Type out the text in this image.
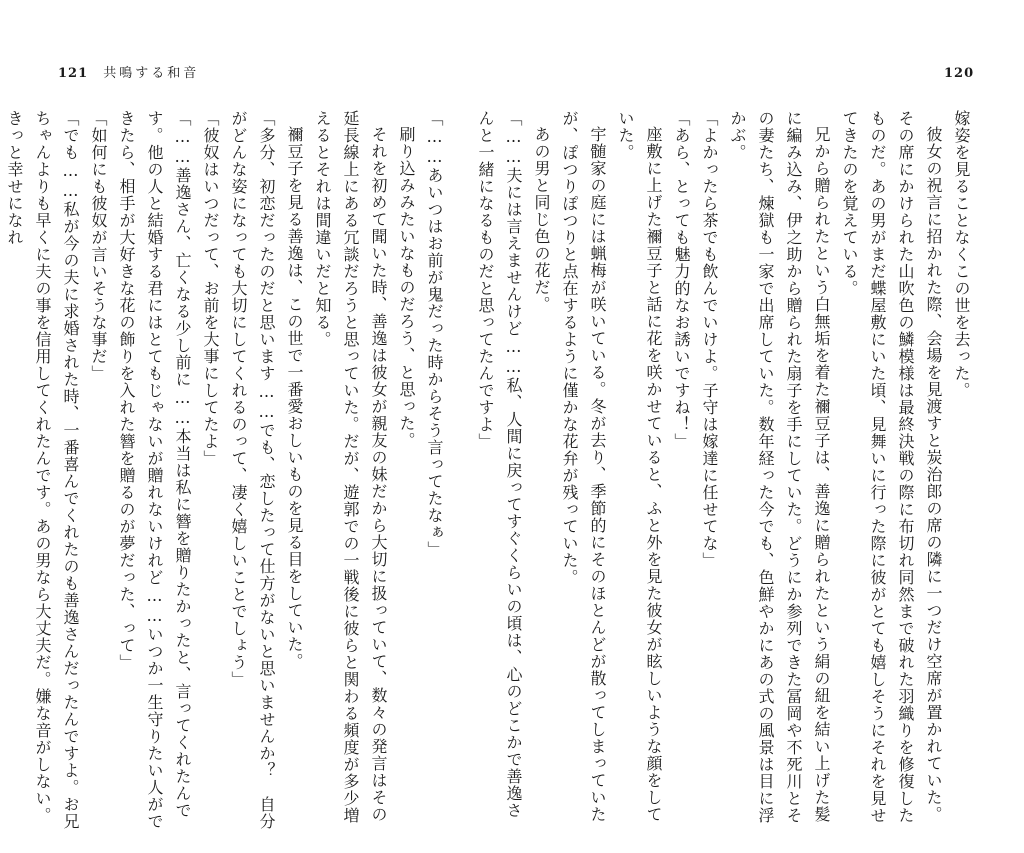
121 共鳴する和音	120

嫁姿を見ることなくこの世を去った。

彼女の祝言に招かれた際、会場を見渡すと炭治郎の席の隣に一つだけ空席が置かれていた。その席にかけられた山吹色の鱗模様は最終決戦の際に布切れ同然まで破れた羽織りを修復したものだ。あの男がまだ蝶屋敷にいた頃、見舞いに行った際に彼がとても嬉しそうにそれを見せてきたのを覚えている。

兄から贈られたという白無垢を着た禰豆子は、善逸に贈られたという絹の紐を結い上げた髪に編み込み、伊之助から贈られた扇子を手にしていた。どうにか参列できた冨岡や不死川とその妻たち、煉獄も一家で出席していた。数年経った今でも、色鮮やかにあの式の風景は目に浮かぶ。

「よかったら茶でも飲んでいけよ。子守は嫁達に任せてな」

「あら、とっても魅力的なお誘いですね！」

座敷に上げた禰豆子と話に花を咲かせていると、ふと外を見た彼女が眩しいような顔をしていた。

宇髄家の庭には蝋梅が咲いている。冬が去り、季節的にそのほとんどが散ってしまっていたが、ぽつりぽつりと点在するように僅かな花弁が残っていた。

あの男と同じ色の花だ。

「……夫には言えませんけど……私、人間に戻ってすぐくらいの頃は、心のどこかで善逸さんと一緒になるものだと思ってたんですよ」

「……あいつはお前が鬼だった時からそう言ってたなぁ」

刷り込みみたいなものだろう、と思った。

それを初めて聞いた時、善逸は彼女が親友の妹だから大切に扱っていて、数々の発言はその延長線上にある冗談だろうと思っていた。だが、遊郭での一戦後に彼らと関わる頻度が多少増えるとそれは間違いだと知る。

禰豆子を見る善逸は、この世で一番愛おしいものを見る目をしていた。

「多分、初恋だったのだと思います……でも、恋したって仕方がないと思いませんか？　自分がどんな姿になっても大切にしてくれるのって、凄く嬉しいことでしょう」

「彼奴はいつだって、お前を大事にしてたよ」

「……善逸さん、亡くなる少し前に……本当は私に簪を贈りたかったと、言ってくれたんです。他の人と結婚する君にはとてもじゃないが贈れないけれど……いつか一生守りたい人ができたら、相手が大好きな花の飾りを入れた簪を贈るのが夢だった、って」

「如何にも彼奴が言いそうな事だ」

「でも……私が今の夫に求婚された時、一番喜んでくれたのも善逸さんだったんですよ。お兄ちゃんよりも早くに夫の事を信用してくれたんです。あの男なら大丈夫だ。嫌な音がしない。きっと幸せになれ
